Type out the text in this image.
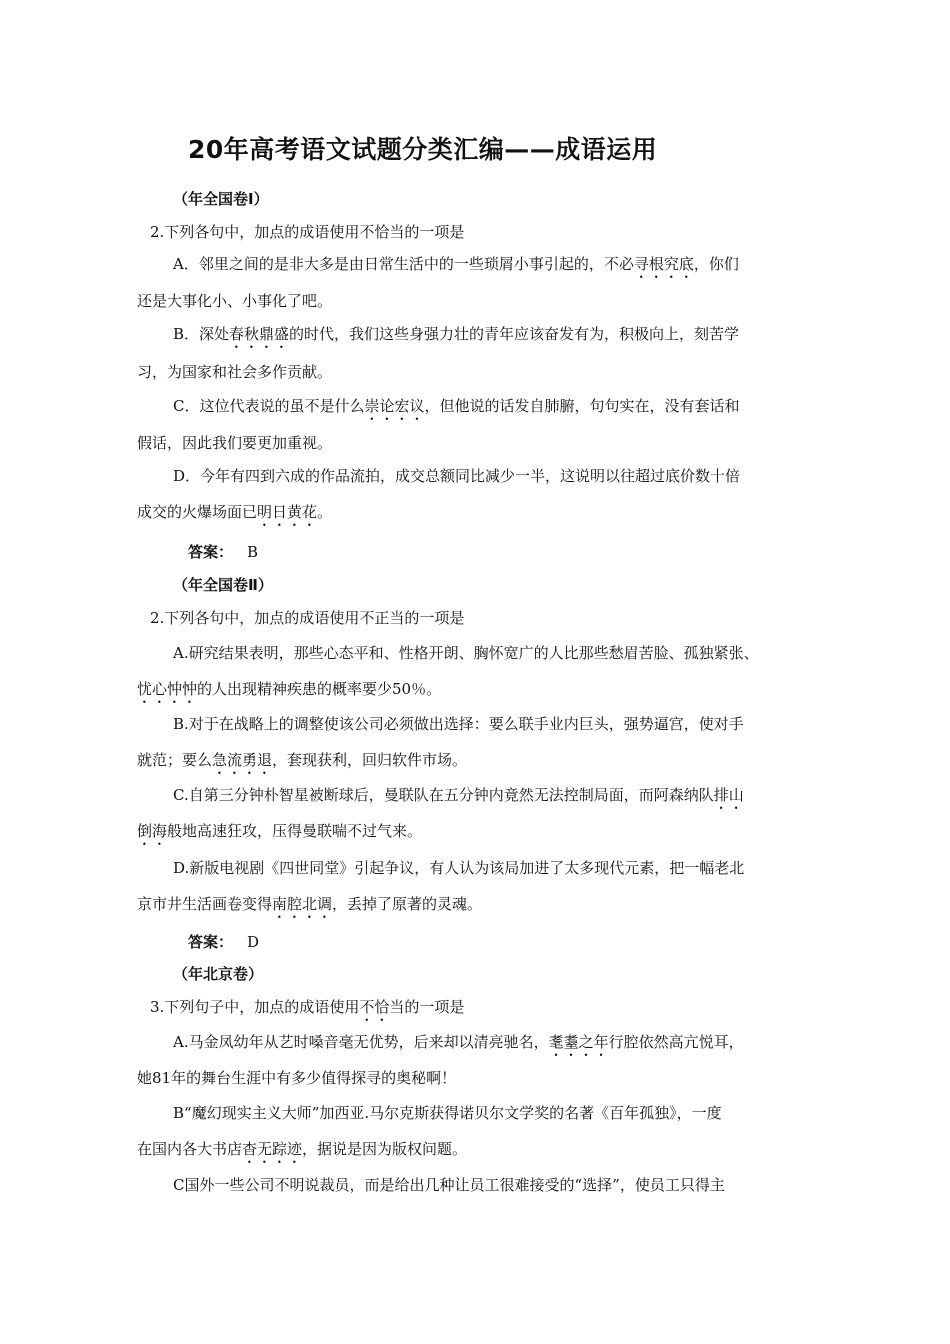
20年高考语文试题分类汇编——成语运用
（年全国卷Ⅰ）
2.下列各句中，加点的成语使用不恰当的一项是
A．邻里之间的是非大多是由日常生活中的一些琐屑小事引起的，不必寻根究底，你们
还是大事化小、小事化了吧。
B．深处春秋鼎盛的时代，我们这些身强力壮的青年应该奋发有为，积极向上，刻苦学
习，为国家和社会多作贡献。
C．这位代表说的虽不是什么崇论宏议，但他说的话发自肺腑，句句实在，没有套话和
假话，因此我们要更加重视。
D．今年有四到六成的作品流拍，成交总额同比减少一半，这说明以往超过底价数十倍
成交的火爆场面已明日黄花。
答案： B
（年全国卷Ⅱ）
2.下列各句中，加点的成语使用不正当的一项是
A.研究结果表明，那些心态平和、性格开朗、胸怀宽广的人比那些愁眉苦脸、孤独紧张、
忧心忡忡的人出现精神疾患的概率要少50％。
B.对于在战略上的调整使该公司必须做出选择：要么联手业内巨头，强势逼宫，使对手
就范；要么急流勇退，套现获利，回归软件市场。
C.自第三分钟朴智星被断球后，曼联队在五分钟内竟然无法控制局面，而阿森纳队排山
倒海般地高速狂攻，压得曼联喘不过气来。
D.新版电视剧《四世同堂》引起争议，有人认为该局加进了太多现代元素，把一幅老北
京市井生活画卷变得南腔北调，丢掉了原著的灵魂。
答案： D
（年北京卷）
3.下列句子中，加点的成语使用不恰当的一项是
A.马金凤幼年从艺时嗓音毫无优势，后来却以清亮驰名，耄耋之年行腔依然高亢悦耳，
她81年的舞台生涯中有多少值得探寻的奥秘啊！
B“魔幻现实主义大师”加西亚.马尔克斯获得诺贝尔文学奖的名著《百年孤独》，一度
在国内各大书店杳无踪迹，据说是因为版权问题。
C国外一些公司不明说裁员，而是给出几种让员工很难接受的“选择”，使员工只得主
